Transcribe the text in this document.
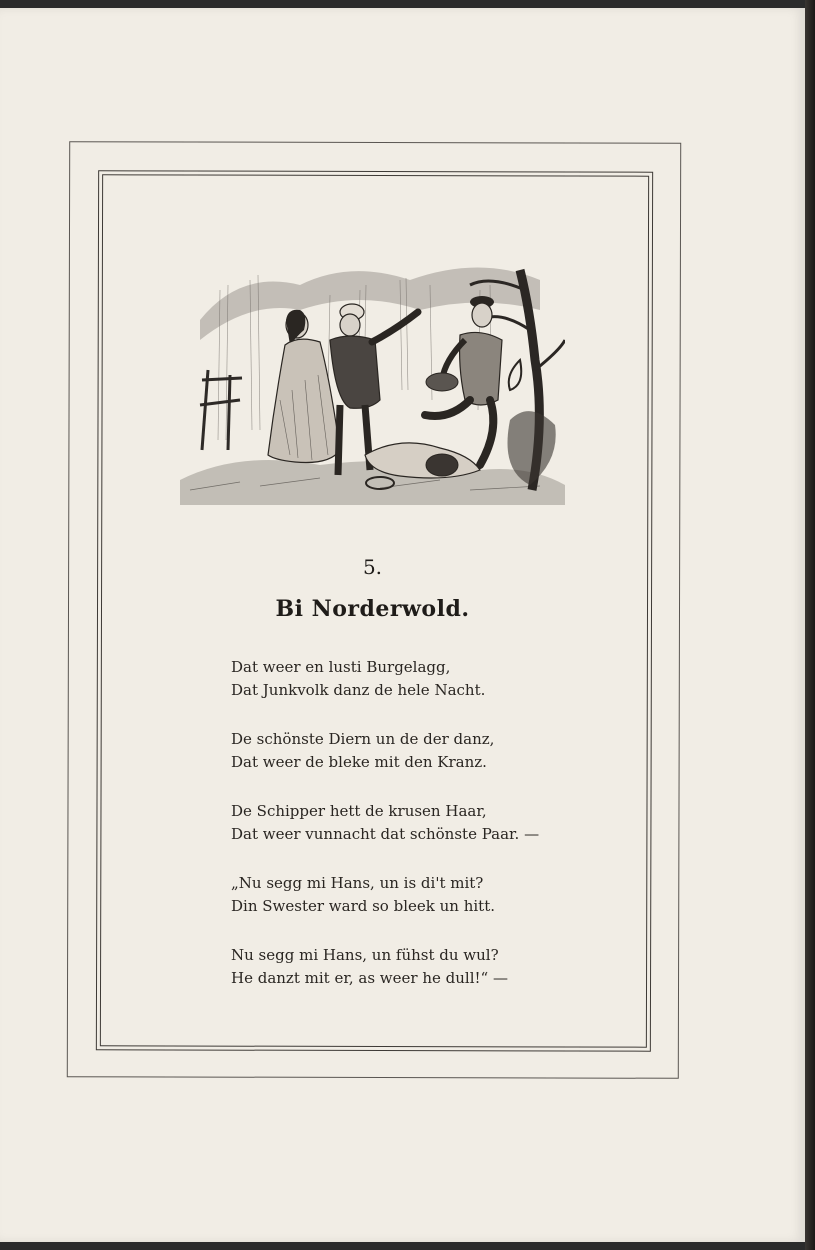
5.
Bi Norderwold.
Dat weer en lusti Burgelagg,
Dat Junkvolk danz de hele Nacht.
De schönste Diern un de der danz,
Dat weer de bleke mit den Kranz.
De Schipper hett de krusen Haar,
Dat weer vunnacht dat schönste Paar. —
„Nu segg mi Hans, un is di't mit?
Din Swester ward so bleek un hitt.
Nu segg mi Hans, un fühst du wul?
He danzt mit er, as weer he dull!“ —
